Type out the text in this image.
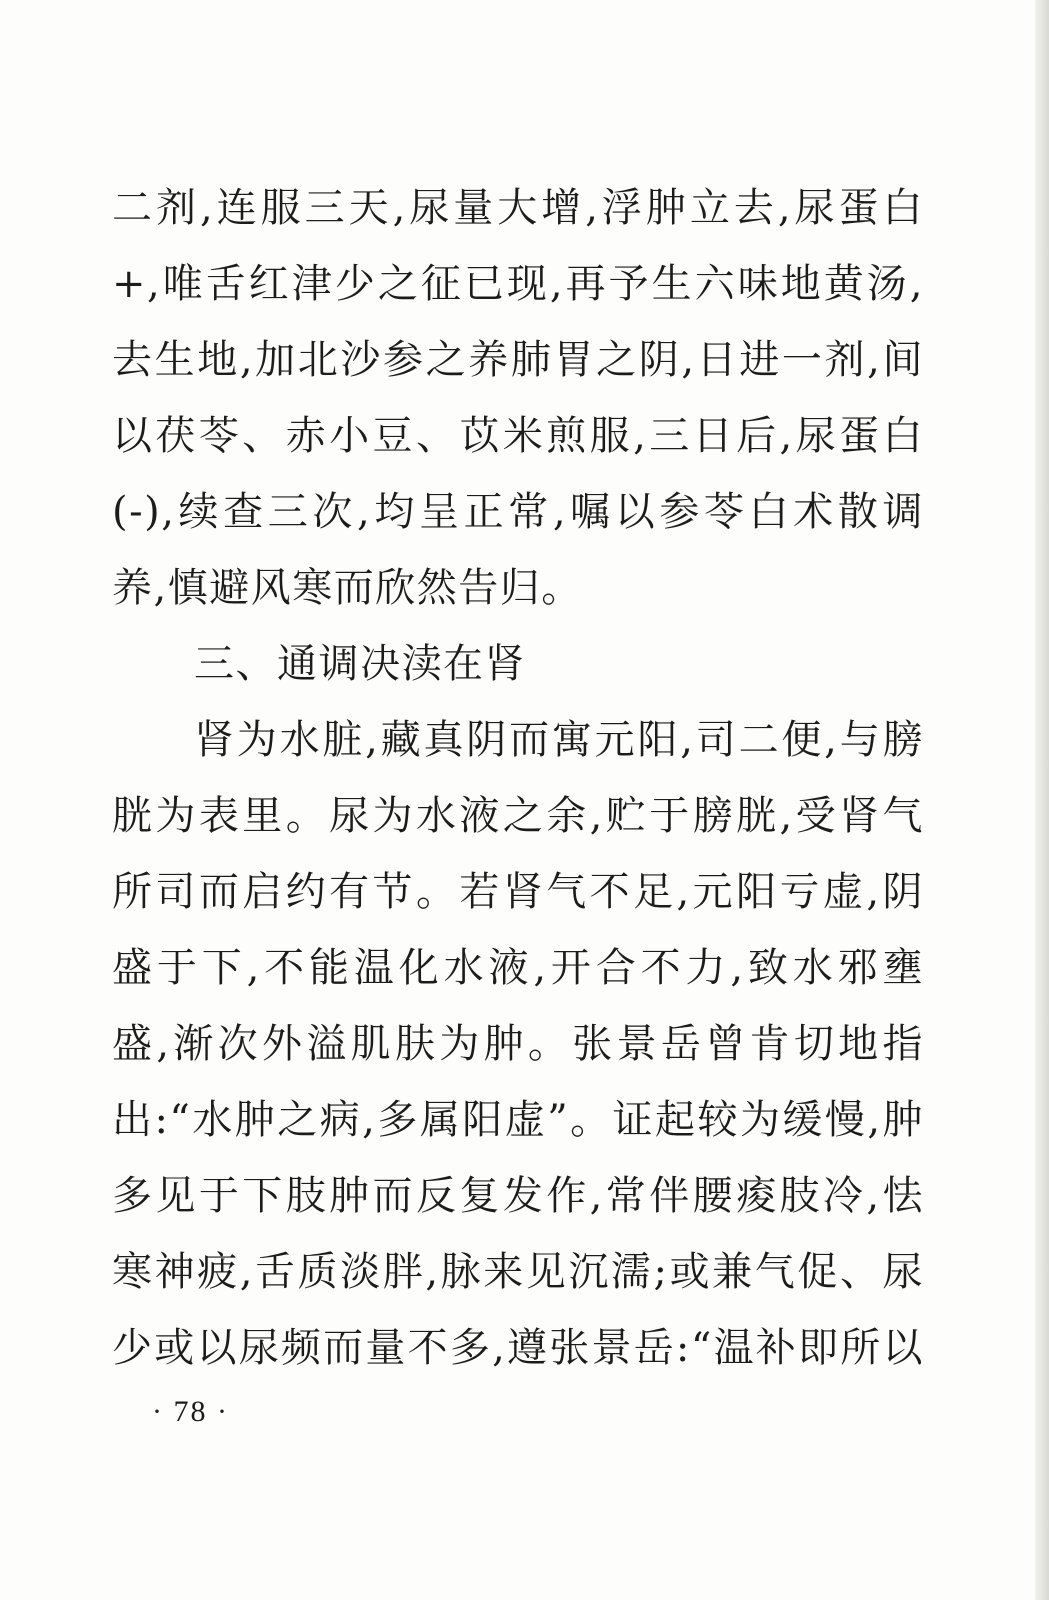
二剂,连服三天,尿量大增,浮肿立去,尿蛋白
+,唯舌红津少之征已现,再予生六味地黄汤,
去生地,加北沙参之养肺胃之阴,日进一剂,间
以茯苓、赤小豆、苡米煎服,三日后,尿蛋白
(-),续查三次,均呈正常,嘱以参苓白术散调
养,慎避风寒而欣然告归。
三、通调决渎在肾
肾为水脏,藏真阴而寓元阳,司二便,与膀
胱为表里。尿为水液之余,贮于膀胱,受肾气
所司而启约有节。若肾气不足,元阳亏虚,阴
盛于下,不能温化水液,开合不力,致水邪壅
盛,渐次外溢肌肤为肿。张景岳曾肯切地指
出:“水肿之病,多属阳虚”。证起较为缓慢,肿
多见于下肢肿而反复发作,常伴腰痠肢冷,怯
寒神疲,舌质淡胖,脉来见沉濡;或兼气促、尿
少或以尿频而量不多,遵张景岳:“温补即所以
· 78 ·
